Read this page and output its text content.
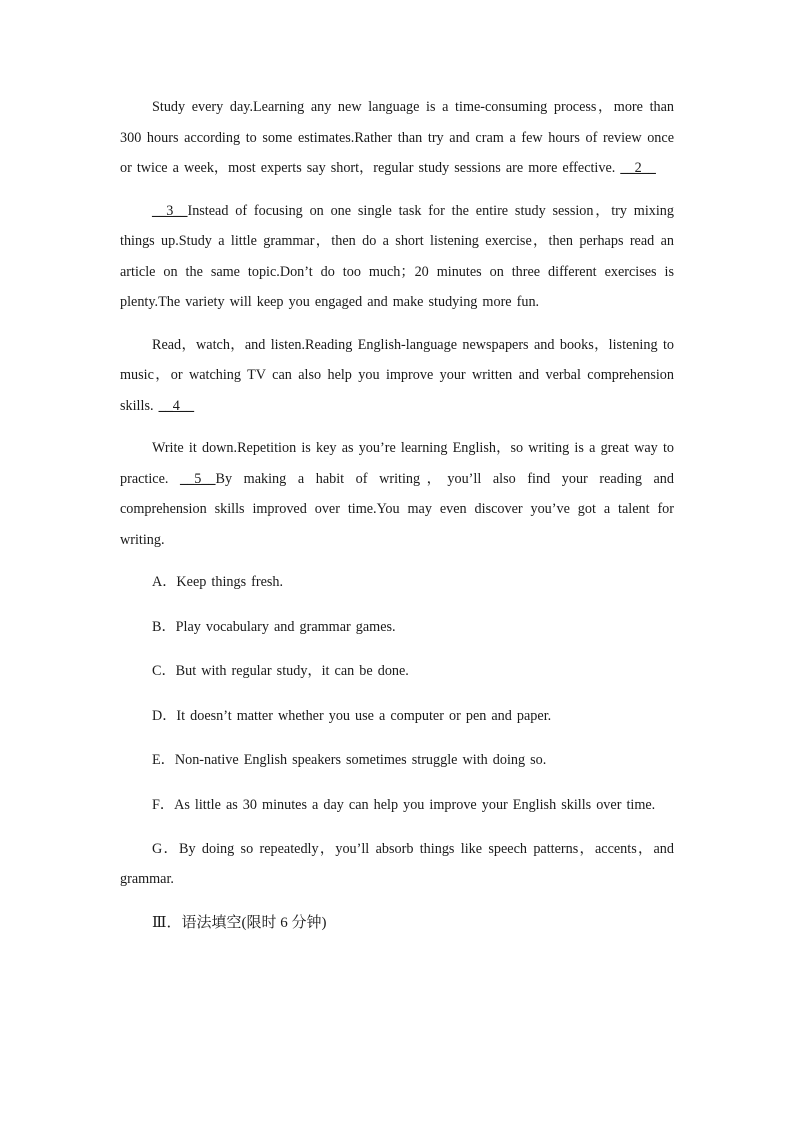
Study every day.Learning any new language is a time-consuming process，more than 300 hours according to some estimates.Rather than try and cram a few hours of review once or twice a week，most experts say short，regular study sessions are more effective. __2__

__3__Instead of focusing on one single task for the entire study session，try mixing things up.Study a little grammar，then do a short listening exercise，then perhaps read an article on the same topic.Don’t do too much；20 minutes on three different exercises is plenty.The variety will keep you engaged and make studying more fun.

Read，watch，and listen.Reading English-language newspapers and books，listening to music，or watching TV can also help you improve your written and verbal comprehension skills. __4__

Write it down.Repetition is key as you’re learning English，so writing is a great way to practice. __5__By making a habit of writing，you’ll also find your reading and comprehension skills improved over time.You may even discover you’ve got a talent for writing.

A．Keep things fresh.

B．Play vocabulary and grammar games.

C．But with regular study，it can be done.

D．It doesn’t matter whether you use a computer or pen and paper.

E．Non-native English speakers sometimes struggle with doing so.

F．As little as 30 minutes a day can help you improve your English skills over time.

G．By doing so repeatedly，you’ll absorb things like speech patterns，accents，and grammar.

Ⅲ．语法填空(限时 6 分钟)
